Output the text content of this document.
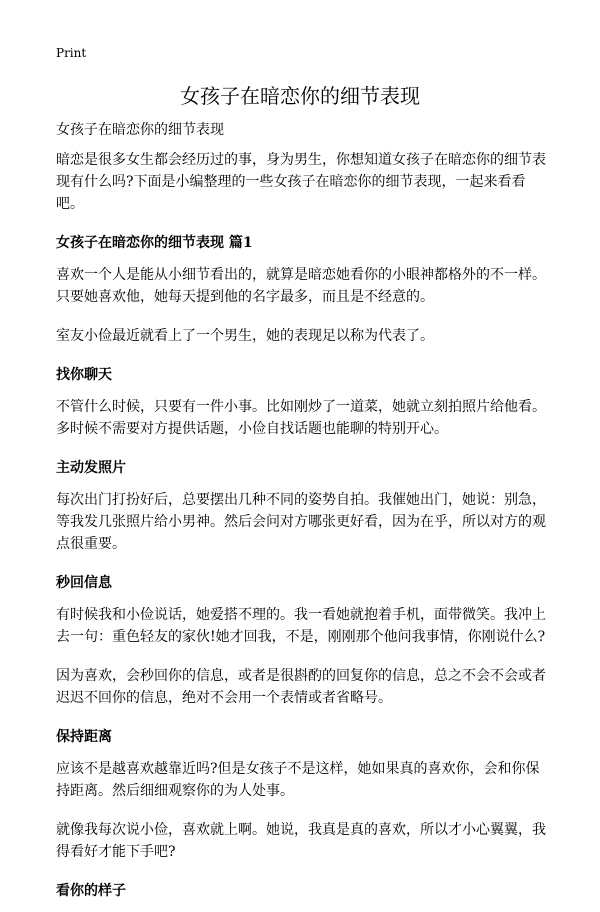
Print
女孩子在暗恋你的细节表现

女孩子在暗恋你的细节表现

暗恋是很多女生都会经历过的事，身为男生，你想知道女孩子在暗恋你的细节表现有什么吗?下面是小编整理的一些女孩子在暗恋你的细节表现，一起来看看吧。

女孩子在暗恋你的细节表现 篇1

喜欢一个人是能从小细节看出的，就算是暗恋她看你的小眼神都格外的不一样。只要她喜欢他，她每天提到他的名字最多，而且是不经意的。

室友小俭最近就看上了一个男生，她的表现足以称为代表了。

找你聊天

不管什么时候，只要有一件小事。比如刚炒了一道菜，她就立刻拍照片给他看。多时候不需要对方提供话题，小俭自找话题也能聊的特别开心。

主动发照片

每次出门打扮好后，总要摆出几种不同的姿势自拍。我催她出门，她说：别急，等我发几张照片给小男神。然后会问对方哪张更好看，因为在乎，所以对方的观点很重要。

秒回信息

有时候我和小俭说话，她爱搭不理的。我一看她就抱着手机，面带微笑。我冲上去一句：重色轻友的家伙!她才回我，不是，刚刚那个他问我事情，你刚说什么?

因为喜欢，会秒回你的信息，或者是很斟酌的回复你的信息，总之不会不会或者迟迟不回你的信息，绝对不会用一个表情或者省略号。

保持距离

应该不是越喜欢越靠近吗?但是女孩子不是这样，她如果真的喜欢你，会和你保持距离。然后细细观察你的为人处事。

就像我每次说小俭，喜欢就上啊。她说，我真是真的喜欢，所以才小心翼翼，我得看好才能下手吧?

看你的样子
